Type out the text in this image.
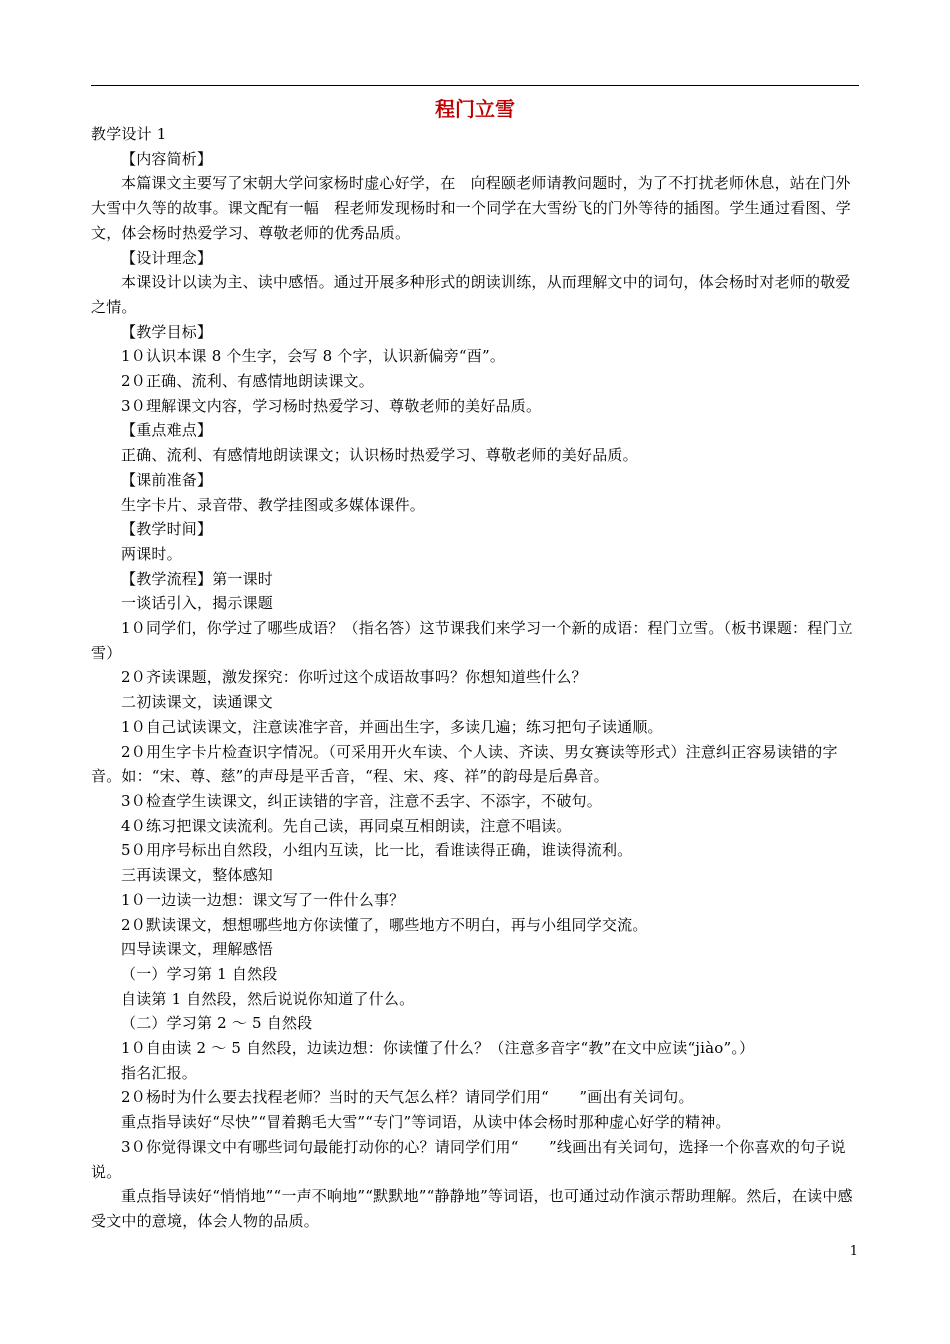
程门立雪

教学设计 1

【内容简析】

本篇课文主要写了宋朝大学问家杨时虚心好学，在　向程颐老师请教问题时，为了不打扰老师休息，站在门外大雪中久等的故事。课文配有一幅　程老师发现杨时和一个同学在大雪纷飞的门外等待的插图。学生通过看图、学文，体会杨时热爱学习、尊敬老师的优秀品质。

【设计理念】

本课设计以读为主、读中感悟。通过开展多种形式的朗读训练，从而理解文中的词句，体会杨时对老师的敬爱之情。

【教学目标】

1０认识本课 8 个生字，会写 8 个字，认识新偏旁“酉”。

2０正确、流利、有感情地朗读课文。

3０理解课文内容，学习杨时热爱学习、尊敬老师的美好品质。

【重点难点】

正确、流利、有感情地朗读课文；认识杨时热爱学习、尊敬老师的美好品质。

【课前准备】

生字卡片、录音带、教学挂图或多媒体课件。

【教学时间】

两课时。

【教学流程】第一课时

一谈话引入，揭示课题

1０同学们，你学过了哪些成语？（指名答）这节课我们来学习一个新的成语：程门立雪。（板书课题：程门立雪）

2０齐读课题，激发探究：你听过这个成语故事吗？你想知道些什么？

二初读课文，读通课文

1０自己试读课文，注意读准字音，并画出生字，多读几遍；练习把句子读通顺。

2０用生字卡片检查识字情况。（可采用开火车读、个人读、齐读、男女赛读等形式）注意纠正容易读错的字音。如：“宋、尊、慈”的声母是平舌音，“程、宋、疼、祥”的韵母是后鼻音。

3０检查学生读课文，纠正读错的字音，注意不丢字、不添字，不破句。

4０练习把课文读流利。先自己读，再同桌互相朗读，注意不唱读。

5０用序号标出自然段，小组内互读，比一比，看谁读得正确，谁读得流利。

三再读课文，整体感知

1０一边读一边想：课文写了一件什么事？

2０默读课文，想想哪些地方你读懂了，哪些地方不明白，再与小组同学交流。

四导读课文，理解感悟

（一）学习第 1 自然段

自读第 1 自然段，然后说说你知道了什么。

（二）学习第 2 ～ 5 自然段

1０自由读 2 ～ 5 自然段，边读边想：你读懂了什么？（注意多音字“教”在文中应读“jiào”。）

指名汇报。

2０杨时为什么要去找程老师？当时的天气怎么样？请同学们用“　　”画出有关词句。

重点指导读好“尽快”“冒着鹅毛大雪”“专门”等词语，从读中体会杨时那种虚心好学的精神。

3０你觉得课文中有哪些词句最能打动你的心？请同学们用“　　”线画出有关词句，选择一个你喜欢的句子说说。

重点指导读好“悄悄地”“一声不响地”“默默地”“静静地”等词语，也可通过动作演示帮助理解。然后，在读中感受文中的意境，体会人物的品质。

1
